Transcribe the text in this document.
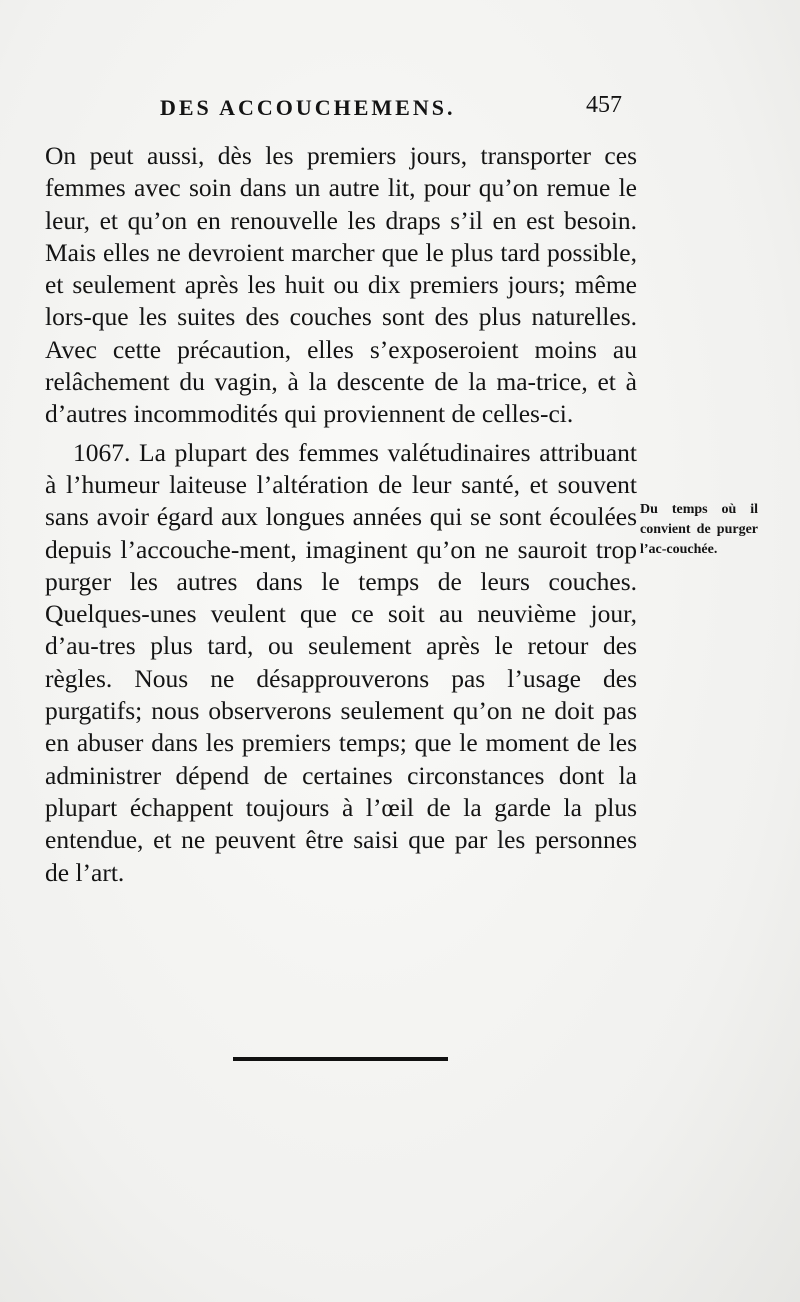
DES ACCOUCHEMENS.	457

On peut aussi, dès les premiers jours, transporter ces femmes avec soin dans un autre lit, pour qu’on remue le leur, et qu’on en renouvelle les draps s’il en est besoin. Mais elles ne devroient marcher que le plus tard possible, et seulement après les huit ou dix premiers jours; même lors-que les suites des couches sont des plus naturelles. Avec cette précaution, elles s’exposeroient moins au relâchement du vagin, à la descente de la ma-trice, et à d’autres incommodités qui proviennent de celles-ci.

1067. La plupart des femmes valétudinaires attribuant à l’humeur laiteuse l’altération de leur santé, et souvent sans avoir égard aux longues années qui se sont écoulées depuis l’accouche-ment, imaginent qu’on ne sauroit trop purger les autres dans le temps de leurs couches. Quelques-unes veulent que ce soit au neuvième jour, d’au-tres plus tard, ou seulement après le retour des règles. Nous ne désapprouverons pas l’usage des purgatifs; nous observerons seulement qu’on ne doit pas en abuser dans les premiers temps; que le moment de les administrer dépend de certaines circonstances dont la plupart échappent toujours à l’œil de la garde la plus entendue, et ne peuvent être saisi que par les personnes de l’art.

Du temps où il convient de purger l’ac-couchée.
